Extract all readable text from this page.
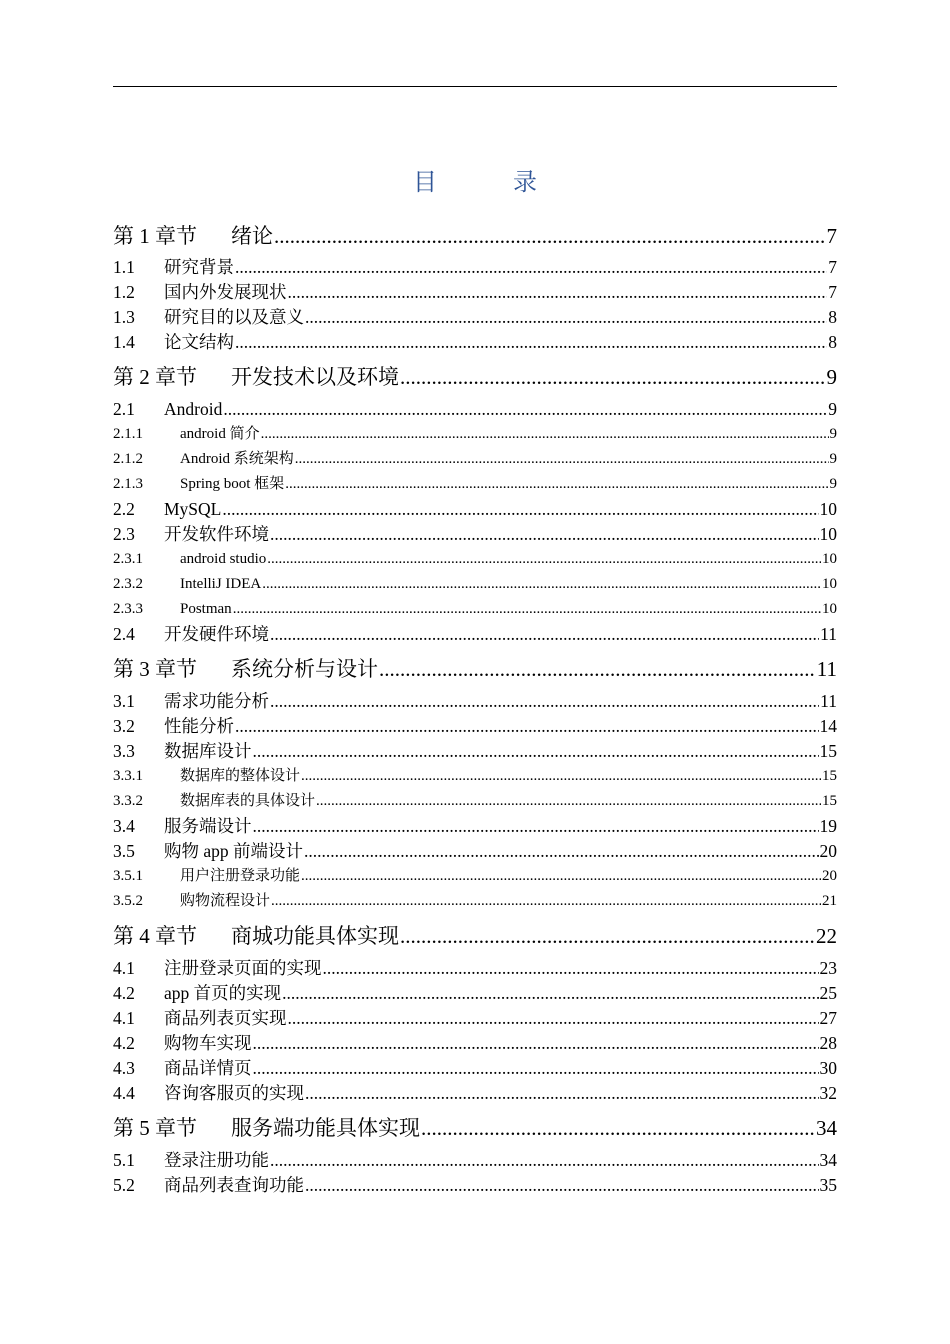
目　录
第 1 章节	绪论 .....	7
1.1	研究背景 .....	7
1.2	国内外发展现状 .....	7
1.3	研究目的以及意义 .....	8
1.4	论文结构 .....	8
第 2 章节	开发技术以及环境 .....	9
2.1	Android .....	9
2.1.1	android 简介 .....	9
2.1.2	Android 系统架构 .....	9
2.1.3	Spring boot 框架 .....	9
2.2	MySQL .....	10
2.3	开发软件环境 .....	10
2.3.1	android studio .....	10
2.3.2	IntelliJ IDEA .....	10
2.3.3	Postman .....	10
2.4	开发硬件环境 .....	11
第 3 章节	系统分析与设计 .....	11
3.1	需求功能分析 .....	11
3.2	性能分析 .....	14
3.3	数据库设计 .....	15
3.3.1	数据库的整体设计 .....	15
3.3.2	数据库表的具体设计 .....	15
3.4	服务端设计 .....	19
3.5	购物 app 前端设计 .....	20
3.5.1	用户注册登录功能 .....	20
3.5.2	购物流程设计 .....	21
第 4 章节	商城功能具体实现 .....	22
4.1	注册登录页面的实现 .....	23
4.2	app 首页的实现 .....	25
4.1	商品列表页实现 .....	27
4.2	购物车实现 .....	28
4.3	商品详情页 .....	30
4.4	咨询客服页的实现 .....	32
第 5 章节	服务端功能具体实现 .....	34
5.1	登录注册功能 .....	34
5.2	商品列表查询功能 .....	35
